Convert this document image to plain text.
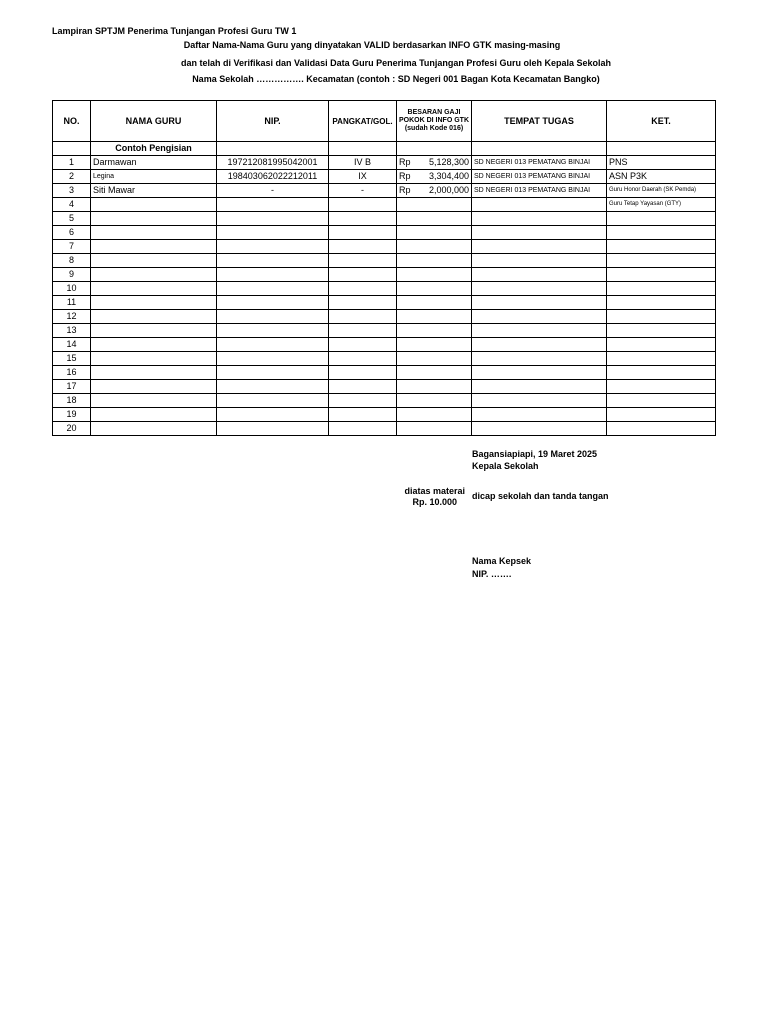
Lampiran SPTJM Penerima Tunjangan Profesi Guru TW 1
Daftar Nama-Nama Guru yang dinyatakan VALID berdasarkan INFO GTK masing-masing
dan telah di Verifikasi dan Validasi Data Guru Penerima Tunjangan Profesi Guru oleh Kepala Sekolah
Nama Sekolah ……………. Kecamatan (contoh : SD Negeri 001 Bagan Kota Kecamatan Bangko)
NO.	NAMA GURU	NIP.	PANGKAT/GOL.	BESARAN GAJI POKOK DI INFO GTK (sudah Kode 016)		TEMPAT TUGAS	KET.
	Contoh Pengisian						
1	Darmawan	197212081995042001	IV B	Rp	5,128,300	SD NEGERI 013 PEMATANG BINJAI	PNS
2	Legina	198403062022212011	IX	Rp	3,304,400	SD NEGERI 013 PEMATANG BINJAI	ASN P3K
3	Siti Mawar	-	-	Rp	2,000,000	SD NEGERI 013 PEMATANG BINJAI	Guru Honor Daerah (SK Pemda)
4							Guru Tetap Yayasan (GTY)
5							
6							
7							
8							
9							
10							
11							
12							
13							
14							
15							
16							
17							
18							
19							
20							
Bagansiapiapi, 19 Maret 2025
Kepala Sekolah
diatas materai
Rp. 10.000
dicap sekolah dan tanda tangan
Nama Kepsek
NIP. …….
